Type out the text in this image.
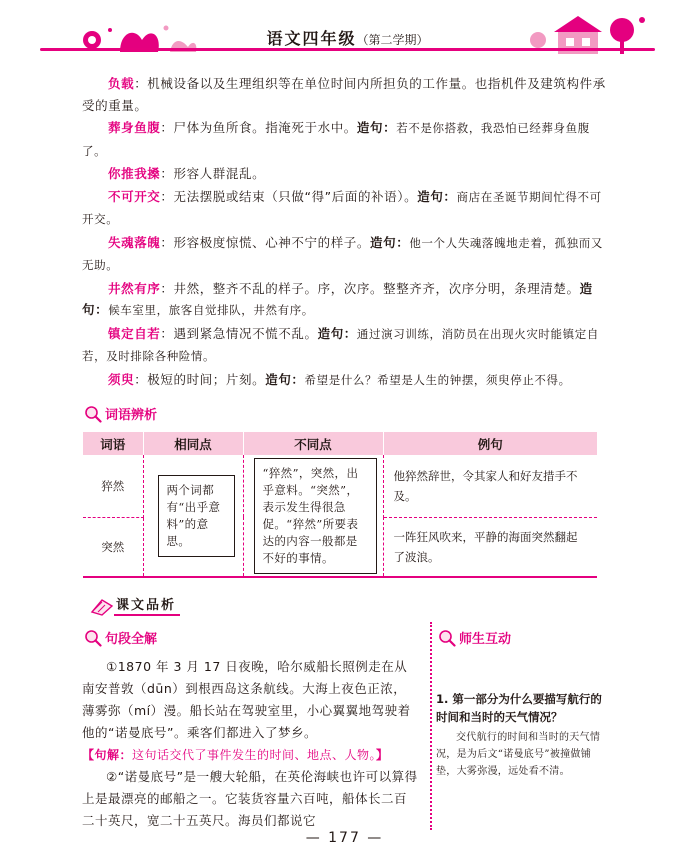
语文四年级（第二学期）

负载：机械设备以及生理组织等在单位时间内所担负的工作量。也指机件及建筑构件承受的重量。

葬身鱼腹：尸体为鱼所食。指淹死于水中。造句：若不是你搭救，我恐怕已经葬身鱼腹了。

你推我搡：形容人群混乱。

不可开交：无法摆脱或结束（只做“得”后面的补语）。造句：商店在圣诞节期间忙得不可开交。

失魂落魄：形容极度惊慌、心神不宁的样子。造句：他一个人失魂落魄地走着，孤独而又无助。

井然有序：井然，整齐不乱的样子。序，次序。整整齐齐，次序分明，条理清楚。造句：候车室里，旅客自觉排队，井然有序。

镇定自若：遇到紧急情况不慌不乱。造句：通过演习训练，消防员在出现火灾时能镇定自若，及时排除各种险情。

须臾：极短的时间；片刻。造句：希望是什么？希望是人生的钟摆，须臾停止不得。

词语辨析
词语	相同点	不同点	例句
猝然	两个词都有“出乎意料”的意思。	“猝然”，突然，出乎意料。“突然”，表示发生得很急促。“猝然”所要表达的内容一般都是不好的事情。	他猝然辞世，令其家人和好友措手不及。
突然			一阵狂风吹来，平静的海面突然翻起了波浪。
课文品析
句段全解	师生互动

①1870 年 3 月 17 日夜晚，哈尔威船长照例走在从南安普敦（dūn）到根西岛这条航线。大海上夜色正浓，薄雾弥（mí）漫。船长站在驾驶室里，小心翼翼地驾驶着他的“诺曼底号”。乘客们都进入了梦乡。

【句解：这句话交代了事件发生的时间、地点、人物。】

②“诺曼底号”是一艘大轮船，在英伦海峡也许可以算得上是最漂亮的邮船之一。它装货容量六百吨，船体长二百二十英尺，宽二十五英尺。海员们都说它

1. 第一部分为什么要描写航行的时间和当时的天气情况？

交代航行的时间和当时的天气情况，是为后文“诺曼底号”被撞做铺垫，大雾弥漫，远处看不清。

— 177 —
